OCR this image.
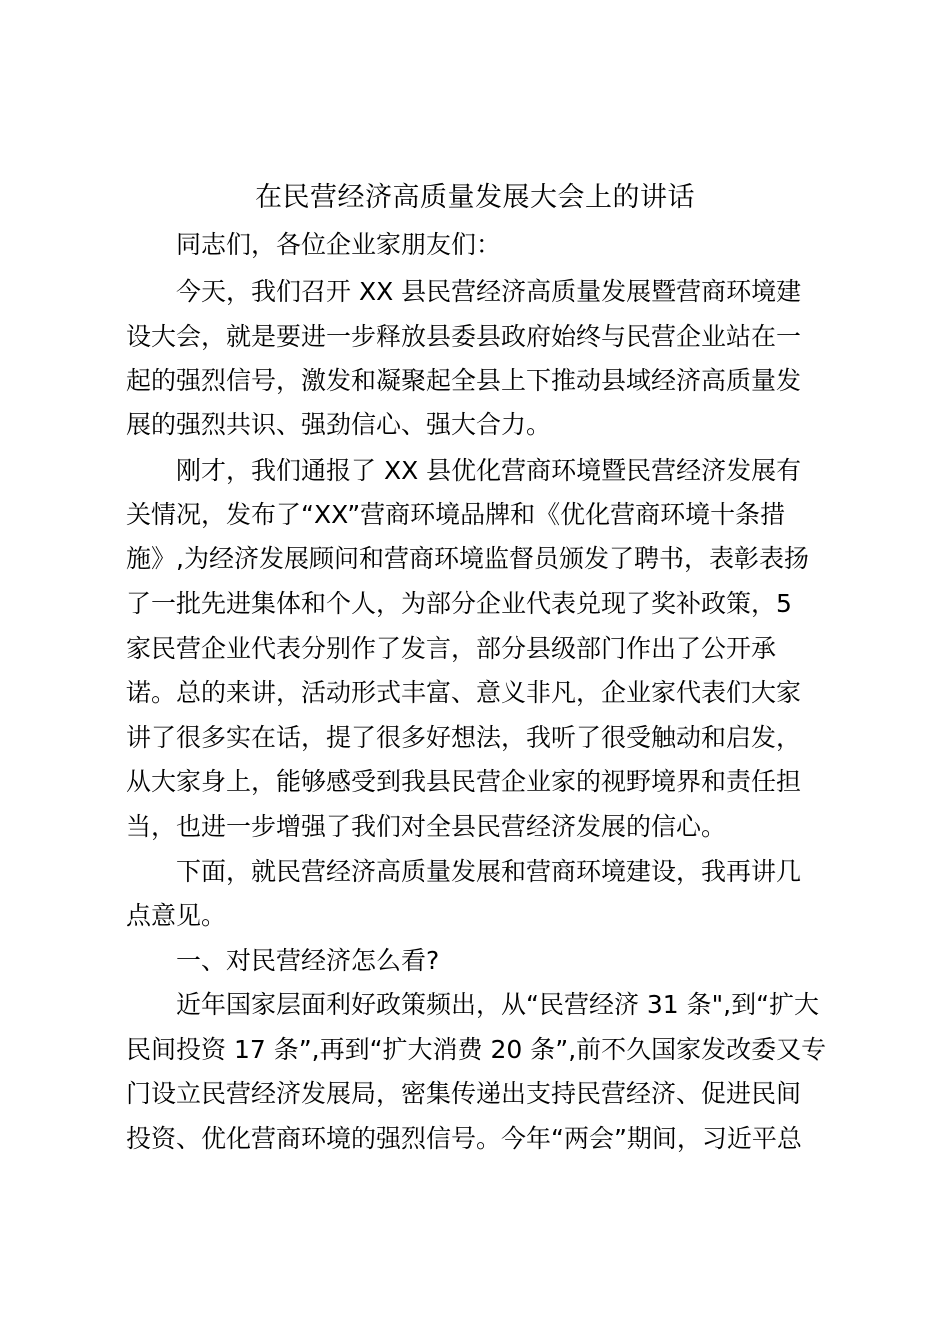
在民营经济高质量发展大会上的讲话
同志们，各位企业家朋友们：
今天，我们召开 XX 县民营经济高质量发展暨营商环境建
设大会，就是要进一步释放县委县政府始终与民营企业站在一
起的强烈信号，激发和凝聚起全县上下推动县域经济高质量发
展的强烈共识、强劲信心、强大合力。
刚才，我们通报了 XX 县优化营商环境暨民营经济发展有
关情况，发布了“XX”营商环境品牌和《优化营商环境十条措
施》,为经济发展顾问和营商环境监督员颁发了聘书，表彰表扬
了一批先进集体和个人，为部分企业代表兑现了奖补政策，5
家民营企业代表分别作了发言，部分县级部门作出了公开承
诺。总的来讲，活动形式丰富、意义非凡，企业家代表们大家
讲了很多实在话，提了很多好想法，我听了很受触动和启发，
从大家身上，能够感受到我县民营企业家的视野境界和责任担
当，也进一步增强了我们对全县民营经济发展的信心。
下面，就民营经济高质量发展和营商环境建设，我再讲几
点意见。
一、对民营经济怎么看?
近年国家层面利好政策频出，从“民营经济 31 条",到“扩大
民间投资 17 条”,再到“扩大消费 20 条”,前不久国家发改委又专
门设立民营经济发展局，密集传递出支持民营经济、促进民间
投资、优化营商环境的强烈信号。今年“两会”期间，习近平总
